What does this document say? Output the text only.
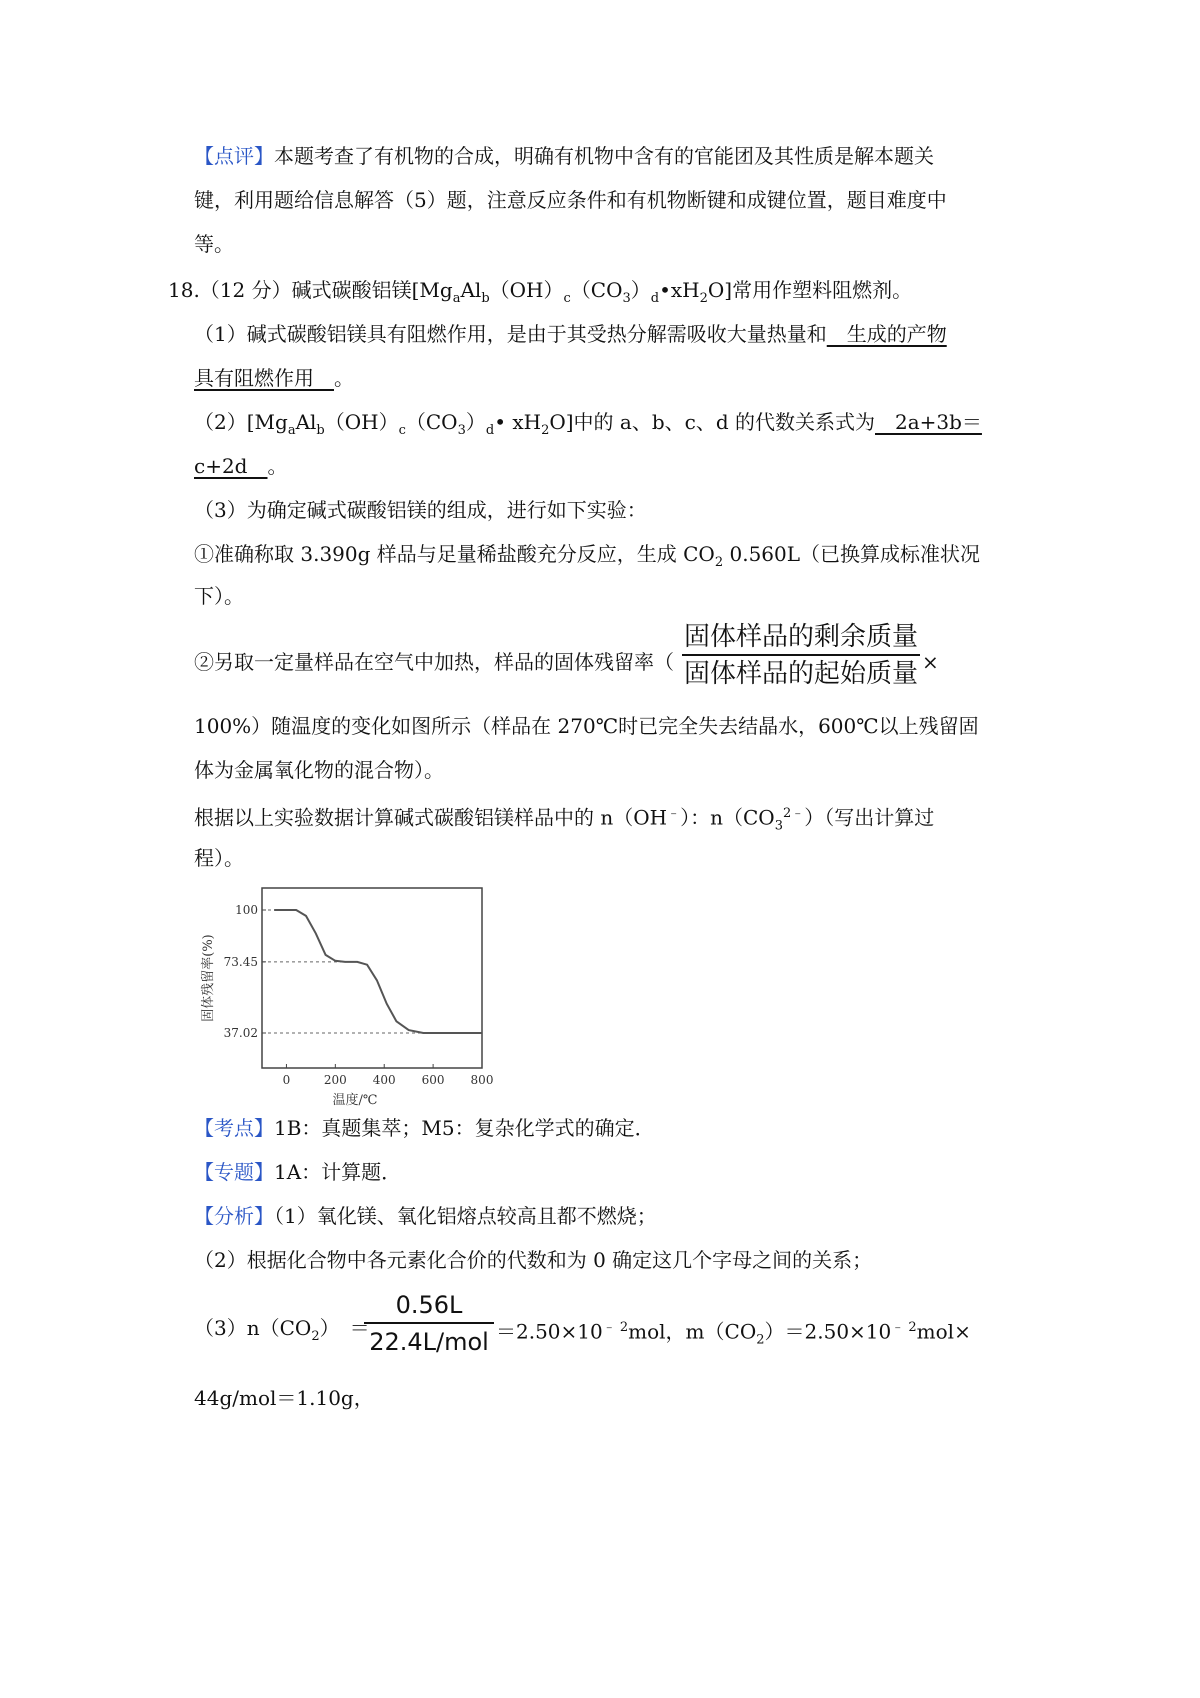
【点评】本题考查了有机物的合成，明确有机物中含有的官能团及其性质是解本题关
键，利用题给信息解答（5）题，注意反应条件和有机物断键和成键位置，题目难度中
等。
18.（12 分）碱式碳酸铝镁$[Mg_aAl_b(OH)_c(CO_3)_d•xH_2O]$常用作塑料阻燃剂。
（1）碱式碳酸铝镁具有阻燃作用，是由于其受热分解需吸收大量热量和　生成的产物
具有阻燃作用　。
$(2)[Mg_aAl_b(OH)_c(CO_3)_d•$ $xH_2O$]中的 a、b、c、d 的代数关系式为　2a+3b＝
c+2d　。
（3）为确定碱式碳酸铝镁的组成，进行如下实验：
①准确称取 3.390g 样品与足量稀盐酸充分反应，生成 $CO_2$ 0.560L（已换算成标准状况
下）。
②另取一定量样品在空气中加热，样品的固体残留率（
固体样品的剩余质量
固体样品的起始质量 ×
100%）随温度的变化如图所示（样品在 270℃时已完全失去结晶水，600℃以上残留固
体为金属氧化物的混合物）。
根据以上实验数据计算碱式碳酸铝镁样品中的 n（OH﹣）：$n(CO_3^{2﹣})$（写出计算过
程）。
100
73.45
37.02
0	200 400 600 800
固体残留率(%)
温度/℃
【考点】1B：真题集萃；M5：复杂化学式的确定．
【专题】1A：计算题．
【分析】（1）氧化镁、氧化铝熔点较高且都不燃烧；
（2）根据化合物中各元素化合价的代数和为 0 确定这几个字母之间的关系；
$(3)n(CO_2)$　＝
0.56L
$22.4L/mol =2.50\times 10^{﹣ 2}mol$，$m(CO_2)=2.50\times 10^{﹣ 2}mol\times$
44g/mol＝1.10g，
